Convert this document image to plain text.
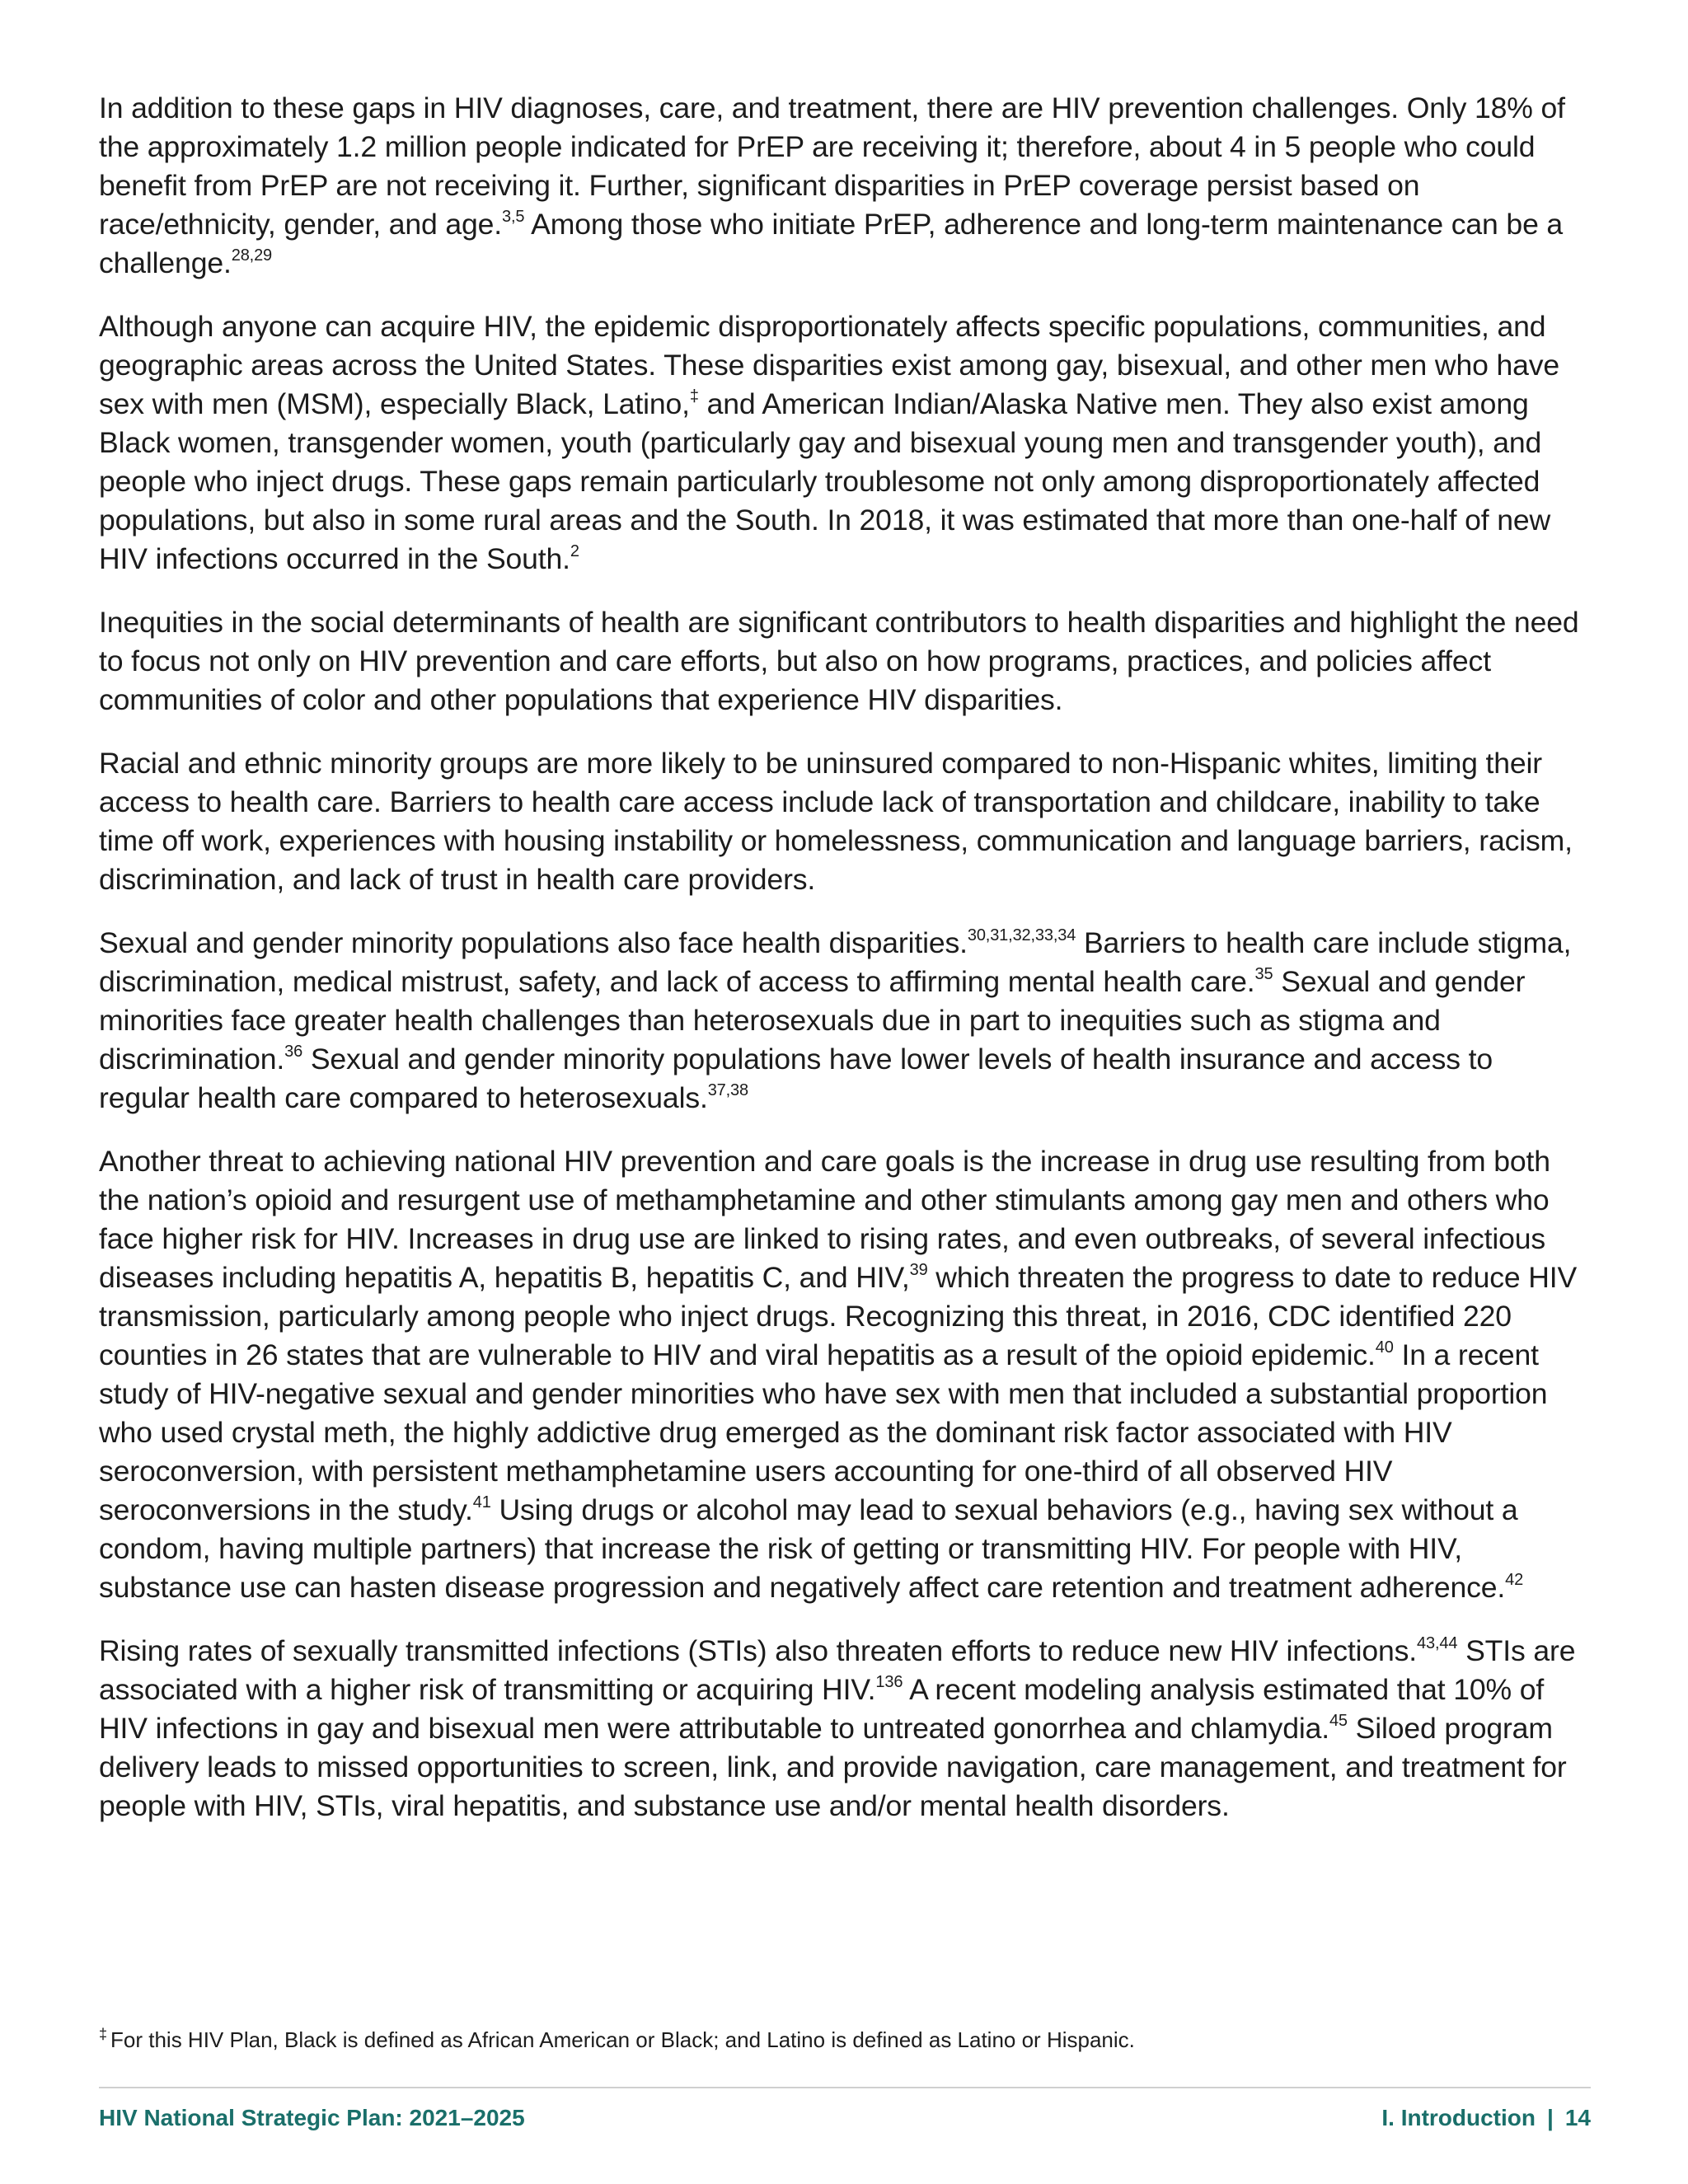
In addition to these gaps in HIV diagnoses, care, and treatment, there are HIV prevention challenges. Only 18% of the approximately 1.2 million people indicated for PrEP are receiving it; therefore, about 4 in 5 people who could benefit from PrEP are not receiving it. Further, significant disparities in PrEP coverage persist based on race/ethnicity, gender, and age.$^{3,5}$ Among those who initiate PrEP, adherence and long-term maintenance can be a challenge.$^{28,29}$

Although anyone can acquire HIV, the epidemic disproportionately affects specific populations, communities, and geographic areas across the United States. These disparities exist among gay, bisexual, and other men who have sex with men (MSM), especially Black, Latino,‡ and American Indian/Alaska Native men. They also exist among Black women, transgender women, youth (particularly gay and bisexual young men and transgender youth), and people who inject drugs. These gaps remain particularly troublesome not only among disproportionately affected populations, but also in some rural areas and the South. In 2018, it was estimated that more than one-half of new HIV infections occurred in the South.$^2$

Inequities in the social determinants of health are significant contributors to health disparities and highlight the need to focus not only on HIV prevention and care efforts, but also on how programs, practices, and policies affect communities of color and other populations that experience HIV disparities.

Racial and ethnic minority groups are more likely to be uninsured compared to non-Hispanic whites, limiting their access to health care. Barriers to health care access include lack of transportation and childcare, inability to take time off work, experiences with housing instability or homelessness, communication and language barriers, racism, discrimination, and lack of trust in health care providers.

Sexual and gender minority populations also face health disparities.$^{30,31,32,33,34}$ Barriers to health care include stigma, discrimination, medical mistrust, safety, and lack of access to affirming mental health care.$^{35}$ Sexual and gender minorities face greater health challenges than heterosexuals due in part to inequities such as stigma and discrimination.$^{36}$ Sexual and gender minority populations have lower levels of health insurance and access to regular health care compared to heterosexuals.$^{37,38}$

Another threat to achieving national HIV prevention and care goals is the increase in drug use resulting from both the nation’s opioid and resurgent use of methamphetamine and other stimulants among gay men and others who face higher risk for HIV. Increases in drug use are linked to rising rates, and even outbreaks, of several infectious diseases including hepatitis A, hepatitis B, hepatitis C, and HIV,$^{39}$ which threaten the progress to date to reduce HIV transmission, particularly among people who inject drugs. Recognizing this threat, in 2016, CDC identified 220 counties in 26 states that are vulnerable to HIV and viral hepatitis as a result of the opioid epidemic.$^{40}$ In a recent study of HIV-negative sexual and gender minorities who have sex with men that included a substantial proportion who used crystal meth, the highly addictive drug emerged as the dominant risk factor associated with HIV seroconversion, with persistent methamphetamine users accounting for one-third of all observed HIV seroconversions in the study.$^{41}$ Using drugs or alcohol may lead to sexual behaviors (e.g., having sex without a condom, having multiple partners) that increase the risk of getting or transmitting HIV. For people with HIV, substance use can hasten disease progression and negatively affect care retention and treatment adherence.$^{42}$

Rising rates of sexually transmitted infections (STIs) also threaten efforts to reduce new HIV infections.$^{43,44}$ STIs are associated with a higher risk of transmitting or acquiring HIV.$^{136}$ A recent modeling analysis estimated that 10% of HIV infections in gay and bisexual men were attributable to untreated gonorrhea and chlamydia.$^{45}$ Siloed program delivery leads to missed opportunities to screen, link, and provide navigation, care management, and treatment for people with HIV, STIs, viral hepatitis, and substance use and/or mental health disorders.

‡ For this HIV Plan, Black is defined as African American or Black; and Latino is defined as Latino or Hispanic.
HIV National Strategic Plan: 2021–2025	I. Introduction | 14
